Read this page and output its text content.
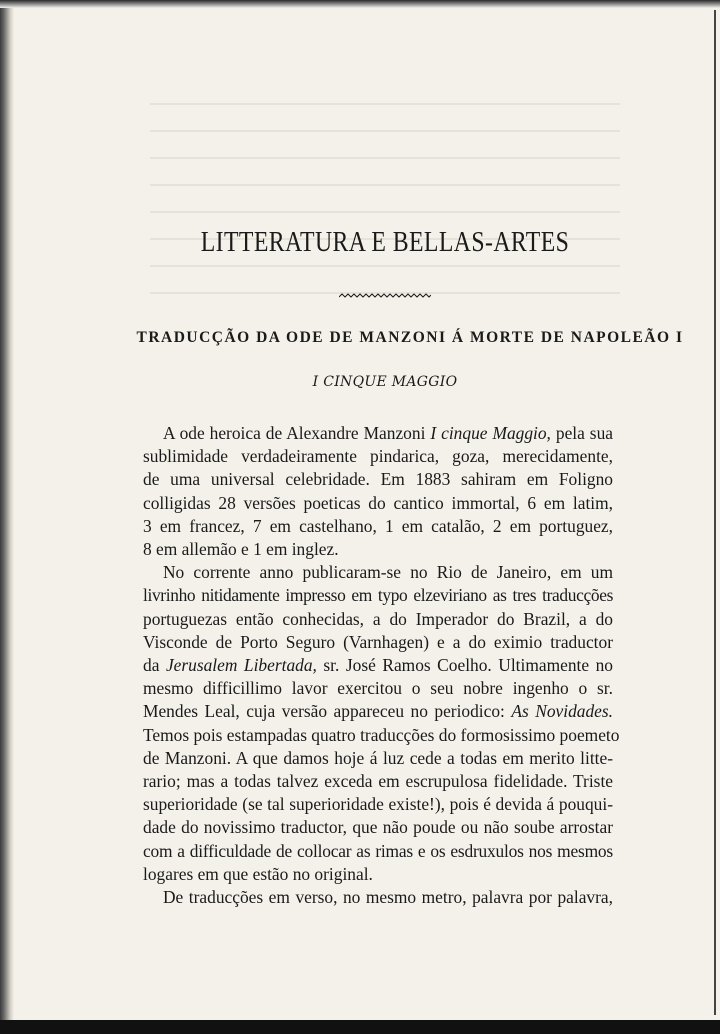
LITTERATURA E BELLAS-ARTES
TRADUCÇÃO DA ODE DE MANZONI Á MORTE DE NAPOLEÃO I
I CINQUE MAGGIO
A ode heroica de Alexandre Manzoni I cinque Maggio, pela sua
sublimidade verdadeiramente pindarica, goza, merecidamente,
de uma universal celebridade. Em 1883 sahiram em Foligno
colligidas 28 versões poeticas do cantico immortal, 6 em latim,
3 em francez, 7 em castelhano, 1 em catalão, 2 em portuguez,
8 em allemão e 1 em inglez.
No corrente anno publicaram-se no Rio de Janeiro, em um
livrinho nitidamente impresso em typo elzeviriano as tres traducções
portuguezas então conhecidas, a do Imperador do Brazil, a do
Visconde de Porto Seguro (Varnhagen) e a do eximio traductor
da Jerusalem Libertada, sr. José Ramos Coelho. Ultimamente no
mesmo difficillimo lavor exercitou o seu nobre ingenho o sr.
Mendes Leal, cuja versão appareceu no periodico: As Novidades.
Temos pois estampadas quatro traducções do formosissimo poemeto
de Manzoni. A que damos hoje á luz cede a todas em merito litte-
rario; mas a todas talvez exceda em escrupulosa fidelidade. Triste
superioridade (se tal superioridade existe!), pois é devida á pouqui-
dade do novissimo traductor, que não poude ou não soube arrostar
com a difficuldade de collocar as rimas e os esdruxulos nos mesmos
logares em que estão no original.
De traducções em verso, no mesmo metro, palavra por palavra,
